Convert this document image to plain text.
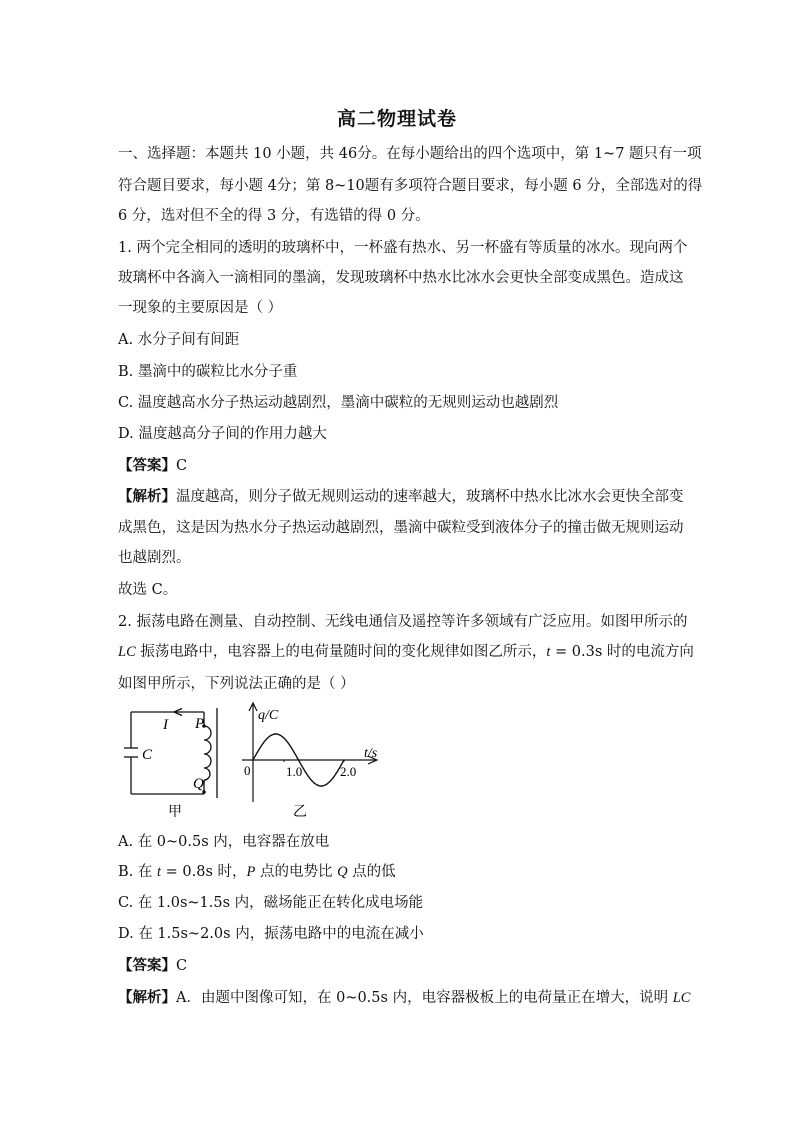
高二物理试卷
一、选择题：本题共 10 小题，共 46分。在每小题给出的四个选项中，第 1~7 题只有一项
符合题目要求，每小题 4分；第 8~10题有多项符合题目要求，每小题 6 分，全部选对的得
6 分，选对但不全的得 3 分，有选错的得 0 分。
1. 两个完全相同的透明的玻璃杯中，一杯盛有热水、另一杯盛有等质量的冰水。现向两个
玻璃杯中各滴入一滴相同的墨滴，发现玻璃杯中热水比冰水会更快全部变成黑色。造成这
一现象的主要原因是（ ）
A. 水分子间有间距
B. 墨滴中的碳粒比水分子重
C. 温度越高水分子热运动越剧烈，墨滴中碳粒的无规则运动也越剧烈
D. 温度越高分子间的作用力越大
【答案】C
【解析】温度越高，则分子做无规则运动的速率越大，玻璃杯中热水比冰水会更快全部变
成黑色，这是因为热水分子热运动越剧烈，墨滴中碳粒受到液体分子的撞击做无规则运动
也越剧烈。
故选 C。
2. 振荡电路在测量、自动控制、无线电通信及遥控等许多领域有广泛应用。如图甲所示的
LC 振荡电路中，电容器上的电荷量随时间的变化规律如图乙所示，t = 0.3s 时的电流方向
如图甲所示，下列说法正确的是（ ）
I P
Q
C
甲
q/C
t/s
0	1.0	2.0
乙
A. 在 0~0.5s 内，电容器在放电
B. 在 t = 0.8s 时，P 点的电势比 Q 点的低
C. 在 1.0s~1.5s 内，磁场能正在转化成电场能
D. 在 1.5s~2.0s 内，振荡电路中的电流在减小
【答案】C
【解析】A．由题中图像可知，在 0~0.5s 内，电容器极板上的电荷量正在增大，说明 LC
